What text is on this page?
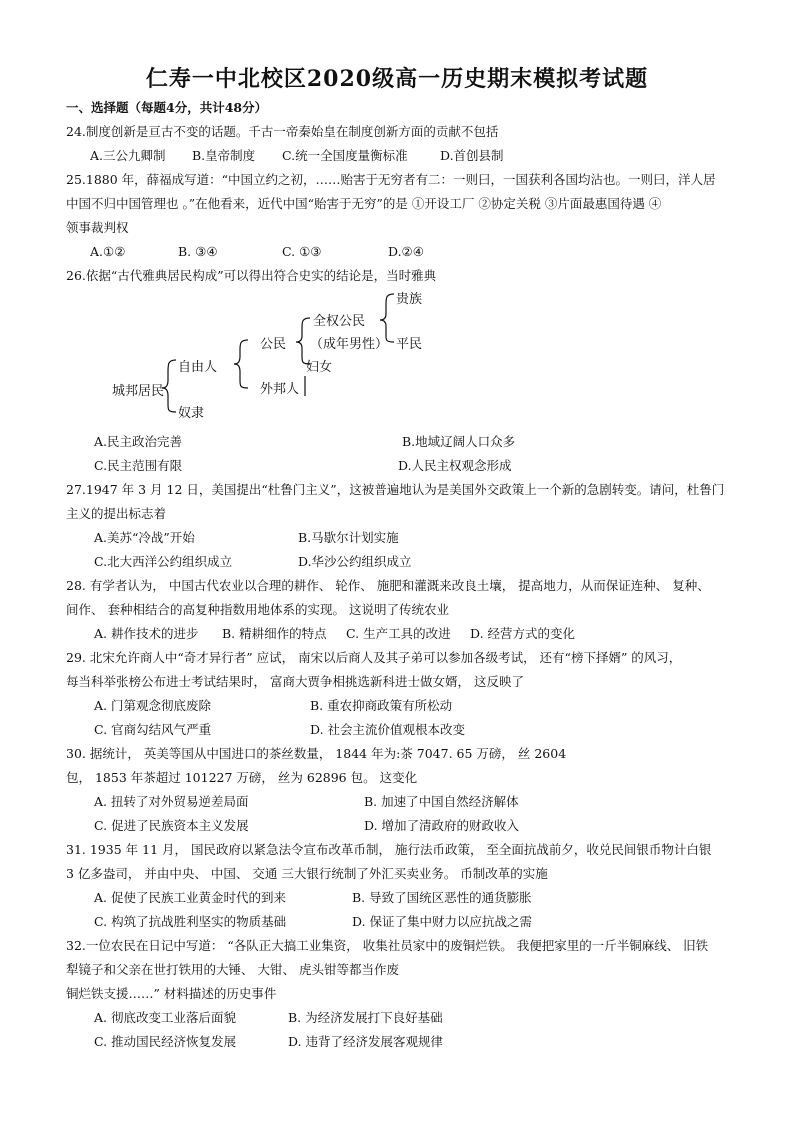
仁寿一中北校区2020级高一历史期末模拟考试题
一、选择题（每题4分，共计48分）
24.制度创新是亘古不变的话题。千古一帝秦始皇在制度创新方面的贡献不包括
A.三公九卿制 B.皇帝制度 C.统一全国度量衡标准	D.首创县制
25.1880 年，薛福成写道：“中国立约之初，……贻害于无穷者有二：一则曰，一国获利各国均沾也。一则曰，洋人居
中国不归中国管理也 。”在他看来，近代中国“贻害于无穷”的是 ①开设工厂 ②协定关税 ③片面最惠国待遇 ④
领事裁判权
A.①②	B. ③④	C. ①③	D.②④
26.依据“古代雅典居民构成”可以得出符合史实的结论是，当时雅典
城邦居民
自由人
奴隶
公民
外邦人
全权公民
（成年男性）
妇女
贵族
平民
A.民主政治完善	B.地域辽阔人口众多
C.民主范围有限	D.人民主权观念形成
27.1947 年 3 月 12 日，美国提出“杜鲁门主义”，这被普遍地认为是美国外交政策上一个新的急剧转变。请问，杜鲁门
主义的提出标志着
A.美苏“冷战”开始	B.马歇尔计划实施
C.北大西洋公约组织成立	D.华沙公约组织成立
28. 有学者认为， 中国古代农业以合理的耕作、 轮作、 施肥和灌溉来改良土壤， 提高地力，从而保证连种、 复种、
间作、 套种相结合的高复种指数用地体系的实现。 这说明了传统农业
A. 耕作技术的进步 B. 精耕细作的特点 C. 生产工具的改进 D. 经营方式的变化
29. 北宋允许商人中“奇才异行者” 应试， 南宋以后商人及其子弟可以参加各级考试， 还有“榜下择婿” 的风习，
每当科举张榜公布进士考试结果时， 富商大贾争相挑选新科进士做女婿， 这反映了
A. 门第观念彻底废除	B. 重农抑商政策有所松动
C. 官商勾结风气严重	D. 社会主流价值观根本改变
30. 据统计， 英美等国从中国进口的茶丝数量， 1844 年为:茶 7047. 65 万磅， 丝 2604
包， 1853 年茶超过 101227 万磅， 丝为 62896 包。 这变化
A. 扭转了对外贸易逆差局面	B. 加速了中国自然经济解体
C. 促进了民族资本主义发展	D. 增加了清政府的财政收入
31. 1935 年 11 月， 国民政府以紧急法令宣布改革币制， 施行法币政策， 至全面抗战前夕，收兑民间银币物计白银
3 亿多盎司， 并由中央、 中国、 交通 三大银行统制了外汇买卖业务。 币制改革的实施
A. 促使了民族工业黄金时代的到来	B. 导致了国统区恶性的通货膨胀
C. 构筑了抗战胜利坚实的物质基础	D. 保证了集中财力以应抗战之需
32.一位农民在日记中写道： “各队正大搞工业集资， 收集社员家中的废铜烂铁。 我便把家里的一斤半铜麻线、 旧铁
犁镜子和父亲在世打铁用的大锤、 大钳、 虎头钳等都当作废
铜烂铁支援……” 材料描述的历史事件
A. 彻底改变工业落后面貌	B. 为经济发展打下良好基础
C. 推动国民经济恢复发展	D. 违背了经济发展客观规律
